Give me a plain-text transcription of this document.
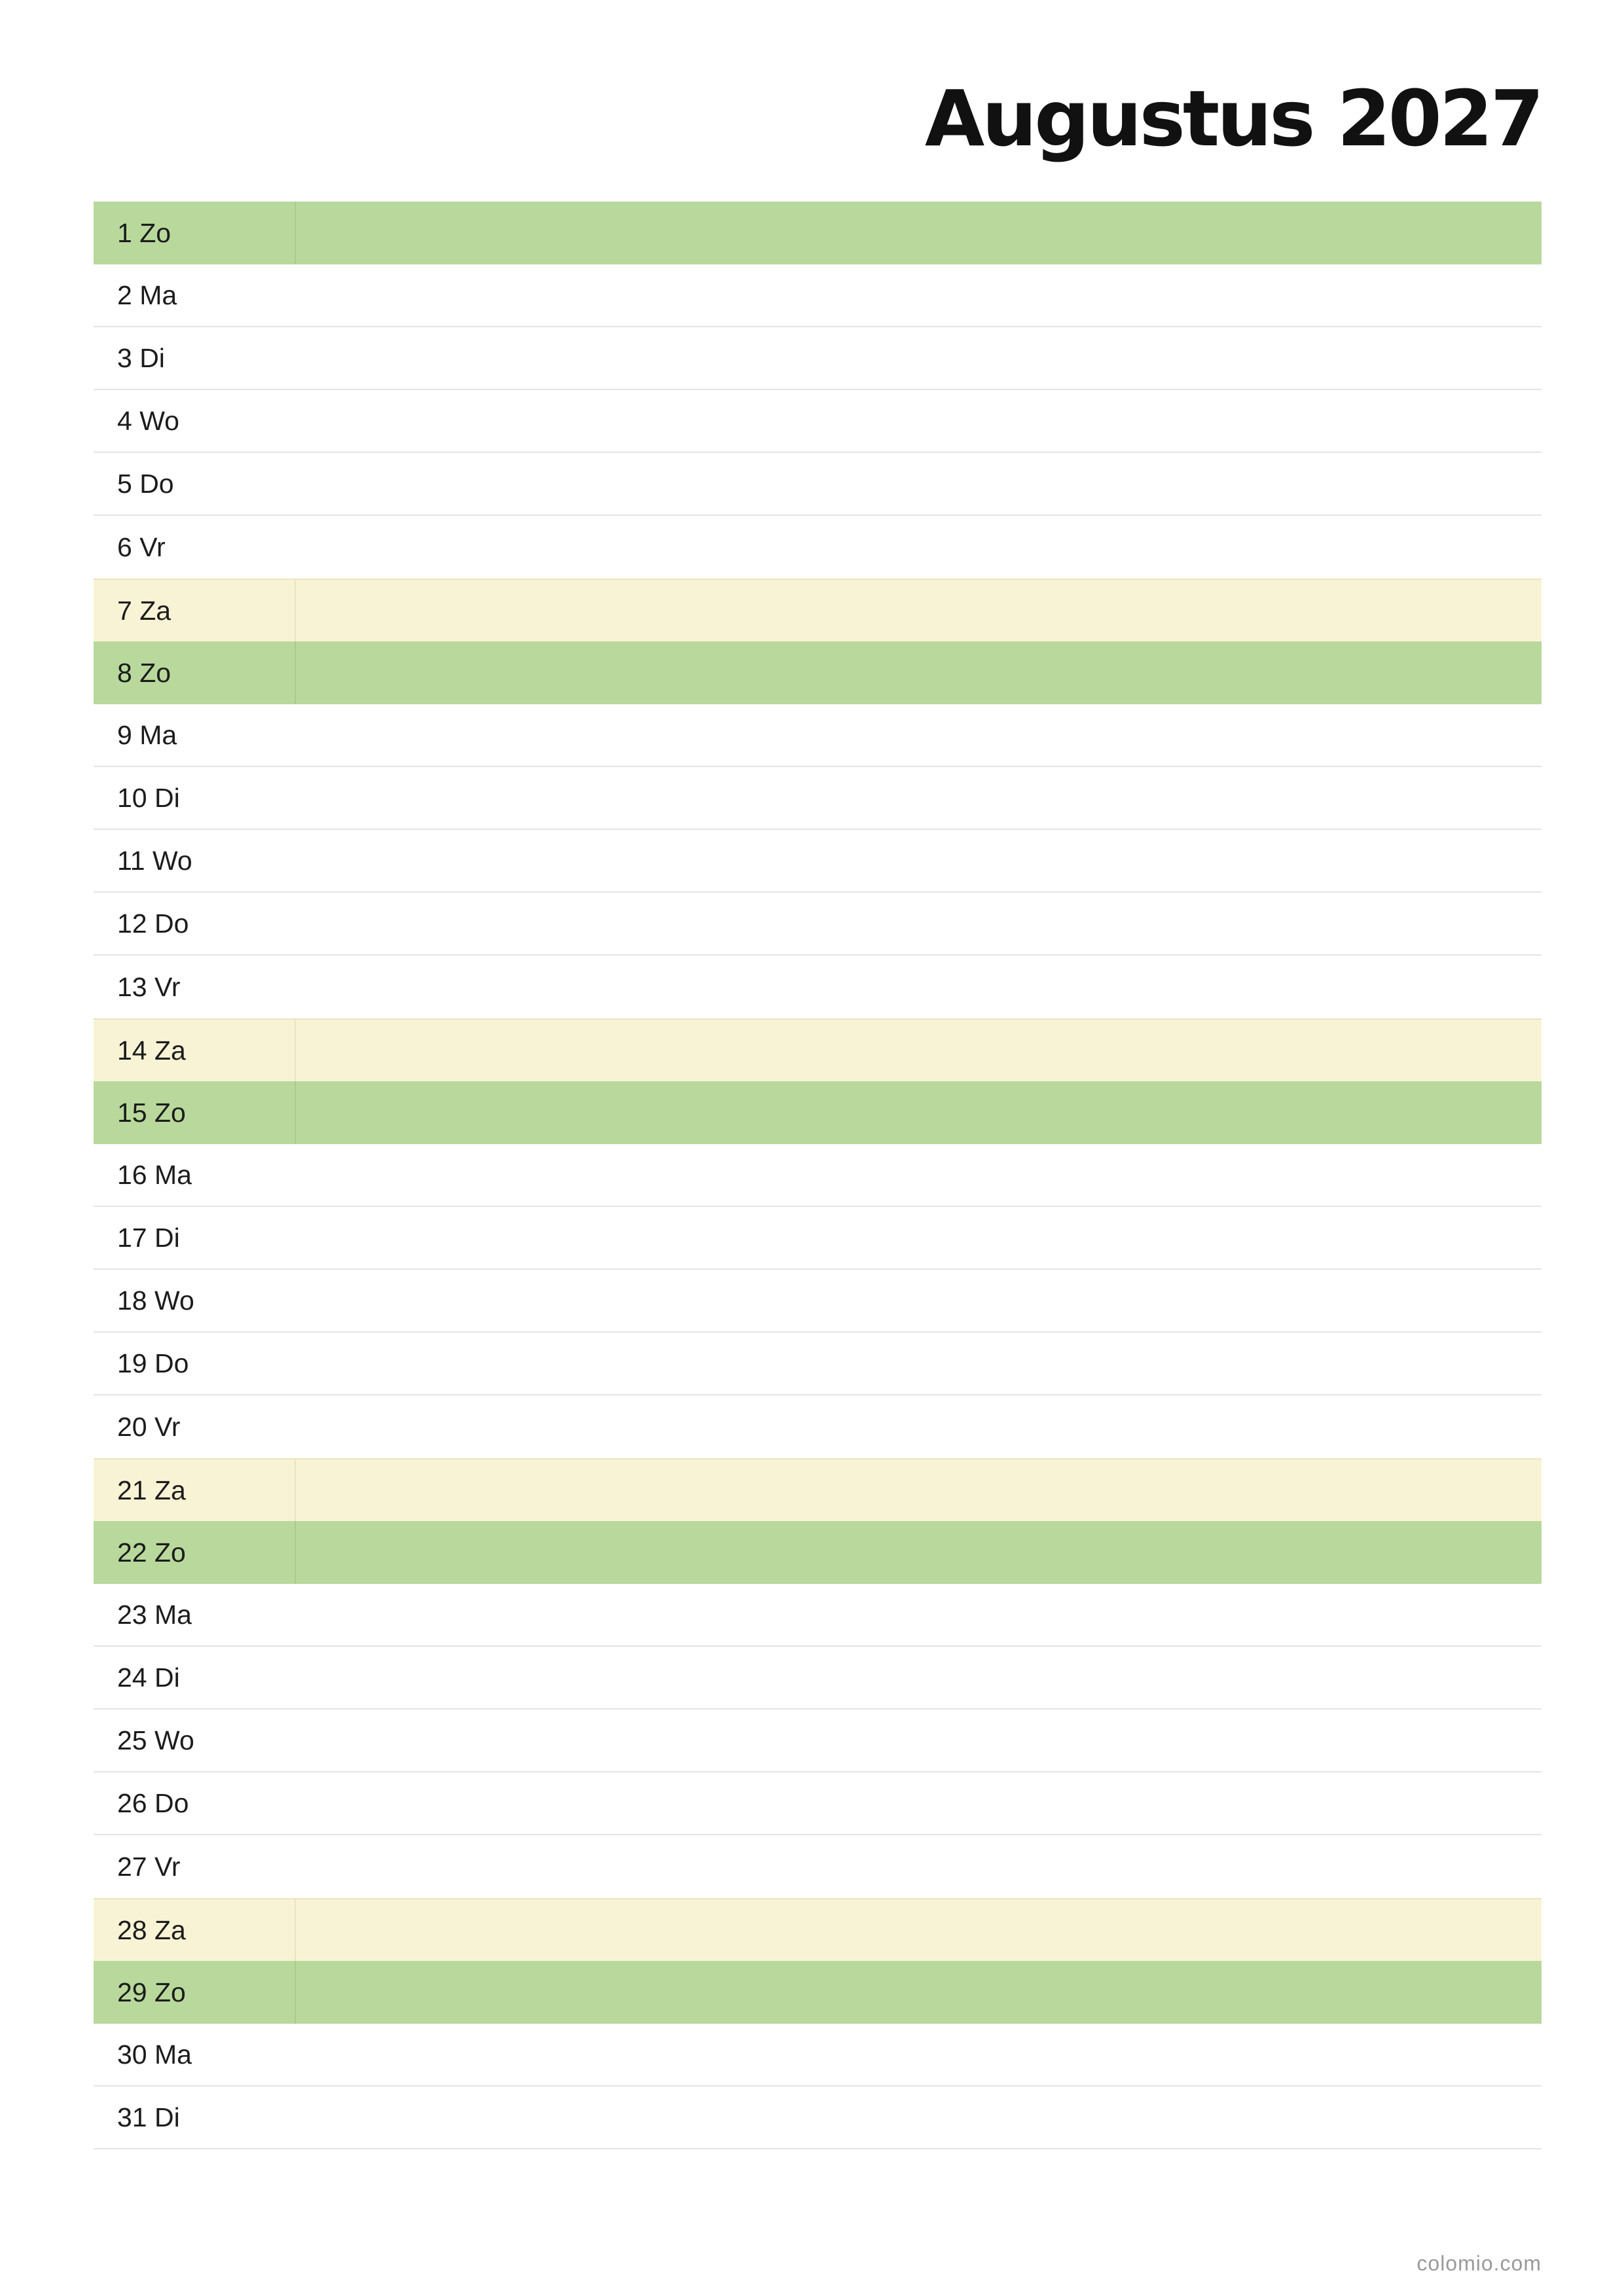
Augustus 2027
1 Zo
2 Ma
3 Di
4 Wo
5 Do
6 Vr
7 Za
8 Zo
9 Ma
10 Di
11 Wo
12 Do
13 Vr
14 Za
15 Zo
16 Ma
17 Di
18 Wo
19 Do
20 Vr
21 Za
22 Zo
23 Ma
24 Di
25 Wo
26 Do
27 Vr
28 Za
29 Zo
30 Ma
31 Di
colomio.com
